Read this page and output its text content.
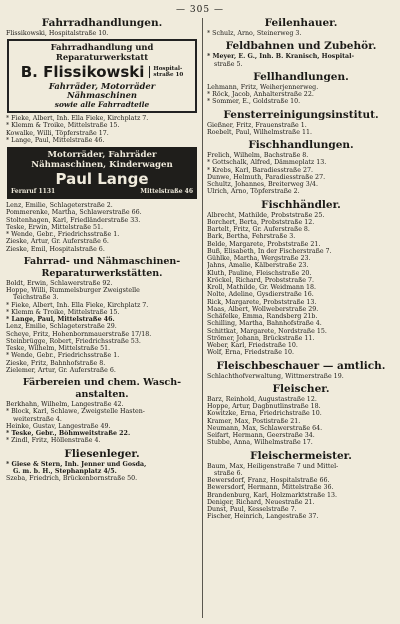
— 305 —
Fahrradhandlungen.
Flissikowski, Hospitalstraße 10.
Fahrradhandlung und
Reparaturwerkstatt
B. Flissikowski	Hospital-
straße 10
Fahrräder, Motorräder
Nähmaschinen
sowie alle Fahrradteile
* Fieke, Albert, Inh. Ella Fieke, Kirchplatz 7.
* Klemm & Troike, Mittelstraße 15.
Kowalke, Willi, Töpferstraße 17.
* Lange, Paul, Mittelstraße 46.
Motorräder, Fahrräder
Nähmaschinen, Kinderwagen
Paul Lange
Fernruf 1131	Mittelstraße 46
Lenz, Emilie, Schlageterstraße 2.
Pommerenke, Martha, Schlawerstraße 66.
Stoltenhagen, Karl, Friedländerstraße 33.
Teske, Erwin, Mittelstraße 51.
* Wende, Gebr., Friedrichsstraße 1.
Zieske, Artur, Gr. Auferstraße 6.
Zieske, Emil, Hospitalstraße 6.
Fahrrad- und Nähmaschinen-
Reparaturwerkstätten.
Boldt, Erwin, Schlawerstraße 92.
Hoppe, Willi, Rummelsburger Zweigstelle
Teichstraße 3.
* Fieke, Albert, Inh. Ella Fieke, Kirchplatz 7.
* Klemm & Troike, Mittelstraße 15.
* Lange, Paul, Mittelstraße 46.
Lenz, Emilie, Schlageterstraße 29.
Scheye, Fritz, Hohenbornmauerstraße 17/18.
Steinbrügge, Robert, Friedrichsstraße 53.
Teske, Wilhelm, Mittelstraße 51.
* Wende, Gebr., Friedrichsstraße 1.
Zieske, Fritz, Bahnhofstraße 8.
Zielemer, Artur, Gr. Auferstraße 6.
Färbereien und chem. Wasch-
anstalten.
Berkhahn, Wilhelm, Langestraße 42.
* Block, Karl, Schlawe, Zweigstelle Hasten-
weiterstraße 4.
Heinke, Gustav, Langestraße 49.
* Teske, Gebr., Böhmweitstraße 22.
* Zindl, Fritz, Höllenstraße 4.
Fliesenleger.
* Giese & Stern, Inh. Jenner und Gosda,
G. m. b. H., Stephanplatz 4/5.
Szeba, Friedrich, Brückenbornstraße 50.
Feilenhauer.
* Schulz, Arno, Steinerweg 3.
Feldbahnen und Zubehör.
* Meyer, E. G., Inh. B. Kranisch, Hospital-
straße 5.
Fellhandlungen.
Lehmann, Fritz, Weiherjennerweg.
* Röck, Jacob, Anhalterstraße 22.
* Sommer, E., Goldstraße 10.
Fensterreinigungsinstitut.
Gießner, Fritz, Frauenstraße 1.
Roebelt, Paul, Wilhelmstraße 11.
Fischhandlungen.
Frelich, Wilhelm, Bachstraße 8.
* Gottschalk, Alfred, Dämmeplatz 13.
* Krebs, Karl, Baradiesstraße 27.
Dunwe, Helmuth, Paradiesstraße 27.
Schultz, Johannes, Breiterweg 3/4.
Ulrich, Arno, Töpferstraße 2.
Fischhändler.
Albrecht, Mathilde, Probststraße 25.
Borchert, Berta, Probststraße 12.
Bartelt, Fritz, Gr. Auferstraße 8.
Bark, Bertha, Fehrstraße 3.
Belde, Margarete, Probststraße 21.
Buß, Elisabeth, In der Fischerstraße 7.
Gühlke, Martha, Wergstraße 23.
Jahns, Amalie, Kälberstraße 23.
Kluth, Pauline, Fleischstraße 20.
Kröckel, Richard, Probststraße 7.
Kroll, Mathilde, Gr. Weidmann 18.
Nolte, Adeline, Gysdierstraße 16.
Rick, Margarete, Probststraße 13.
Maas, Albert, Wollweberstraße 29.
Schäfelke, Emma, Randsberg 21b.
Schilling, Martha, Bahnhofstraße 4.
Schittkat, Margarete, Nordstraße 15.
Strömer, Johann, Brückstraße 11.
Weber, Karl, Friedstraße 10.
Wolf, Erna, Friedstraße 10.
Fleischbeschauer — amtlich.
Schlachthofverwaltung, Wittmerstraße 19.
Fleischer.
Barz, Reinhold, Augustastraße 12.
Hoppe, Artur, Dagbnutlinstraße 18.
Kowitzke, Erna, Friedrichstraße 10.
Kramer, Max, Postistraße 21.
Neumann, Max, Schlawerstraße 64.
Seifart, Hermann, Geerstraße 34.
Stubbe, Anna, Wilhelmstraße 17.
Fleischermeister.
Baum, Max, Heiligenstraße 7 und Mittel-
straße 6.
Bewersdorf, Franz, Hospitalstraße 66.
Bewersdorf, Hermann, Mittelstraße 36.
Brandenburg, Karl, Holzmarktstraße 13.
Deniger, Richard, Neuestraße 21.
Dunst, Paul, Kesselstraße 7.
Fischer, Heinrich, Langestraße 37.
